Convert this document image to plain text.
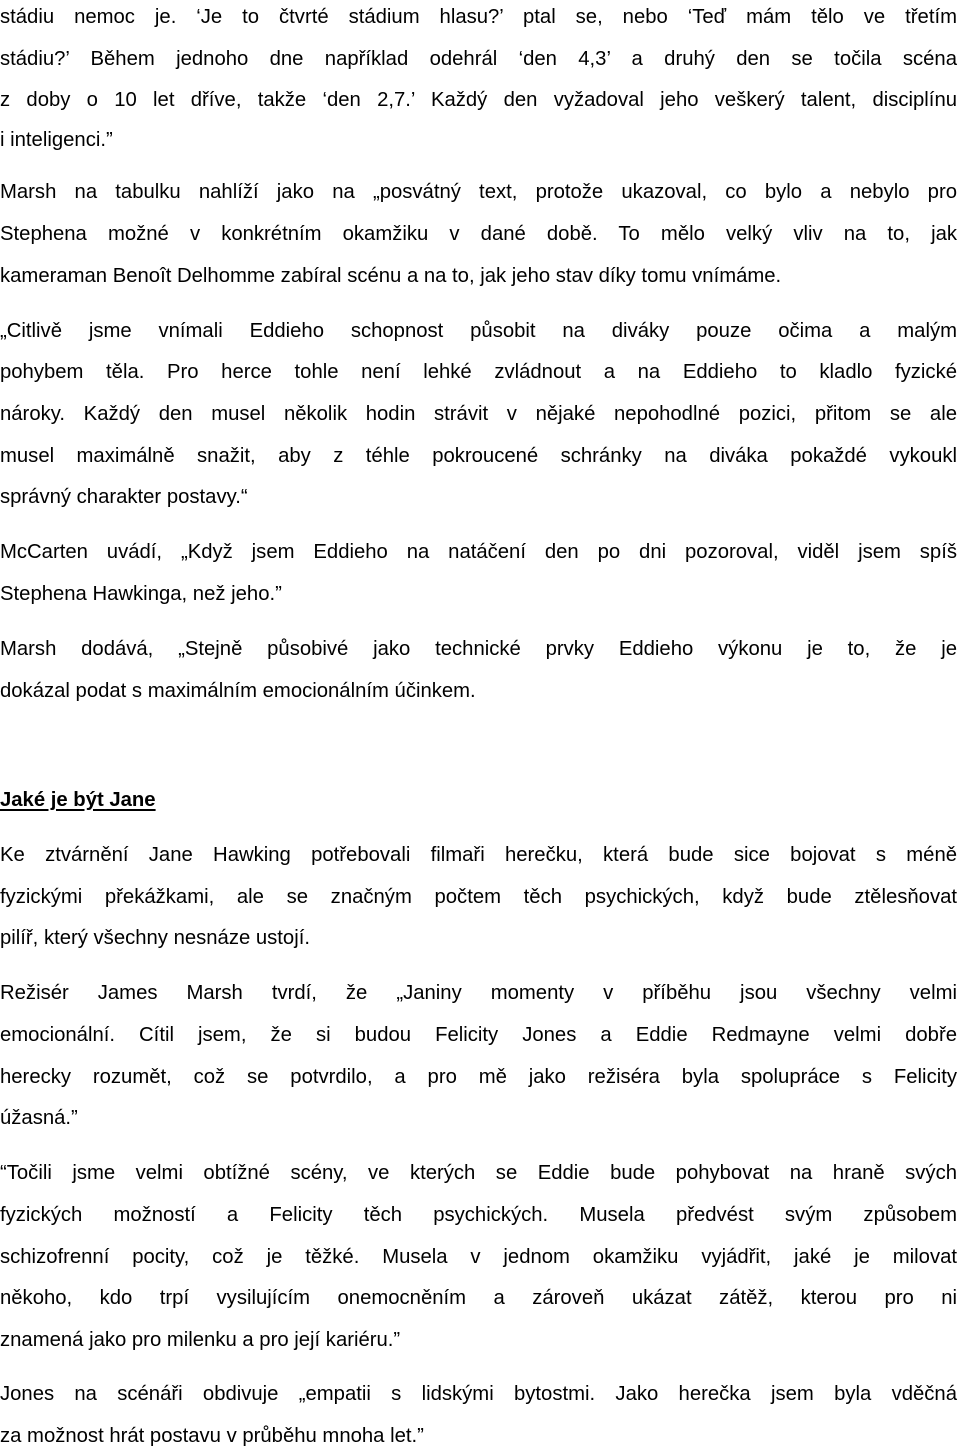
stádiu nemoc je. ‘Je to čtvrté stádium hlasu?’ ptal se, nebo ‘Teď mám tělo ve třetím
stádiu?’ Během jednoho dne například odehrál ‘den 4,3’ a druhý den se točila scéna
z doby o 10 let dříve, takže ‘den 2,7.’ Každý den vyžadoval jeho veškerý talent, disciplínu
i inteligenci.”
Marsh na tabulku nahlíží jako na „posvátný text, protože ukazoval, co bylo a nebylo pro
Stephena možné v konkrétním okamžiku v dané době. To mělo velký vliv na to, jak
kameraman Benoît Delhomme zabíral scénu a na to, jak jeho stav díky tomu vnímáme.
„Citlivě jsme vnímali Eddieho schopnost působit na diváky pouze očima a malým
pohybem těla. Pro herce tohle není lehké zvládnout a na Eddieho to kladlo fyzické
nároky. Každý den musel několik hodin strávit v nějaké nepohodlné pozici, přitom se ale
musel maximálně snažit, aby z téhle pokroucené schránky na diváka pokaždé vykoukl
správný charakter postavy.“
McCarten uvádí, „Když jsem Eddieho na natáčení den po dni pozoroval, viděl jsem spíš
Stephena Hawkinga, než jeho.”
Marsh dodává, „Stejně působivé jako technické prvky Eddieho výkonu je to, že je
dokázal podat s maximálním emocionálním účinkem.
Jaké je být Jane
Ke ztvárnění Jane Hawking potřebovali filmaři herečku, která bude sice bojovat s méně
fyzickými překážkami, ale se značným počtem těch psychických, když bude ztělesňovat
pilíř, který všechny nesnáze ustojí.
Režisér James Marsh tvrdí, že „Janiny momenty v příběhu jsou všechny velmi
emocionální. Cítil jsem, že si budou Felicity Jones a Eddie Redmayne velmi dobře
herecky rozumět, což se potvrdilo, a pro mě jako režiséra byla spolupráce s Felicity
úžasná.”
“Točili jsme velmi obtížné scény, ve kterých se Eddie bude pohybovat na hraně svých
fyzických možností a Felicity těch psychických. Musela předvést svým způsobem
schizofrenní pocity, což je těžké. Musela v jednom okamžiku vyjádřit, jaké je milovat
někoho, kdo trpí vysilujícím onemocněním a zároveň ukázat zátěž, kterou pro ni
znamená jako pro milenku a pro její kariéru.”
Jones na scénáři obdivuje „empatii s lidskými bytostmi. Jako herečka jsem byla vděčná
za možnost hrát postavu v průběhu mnoha let.”
